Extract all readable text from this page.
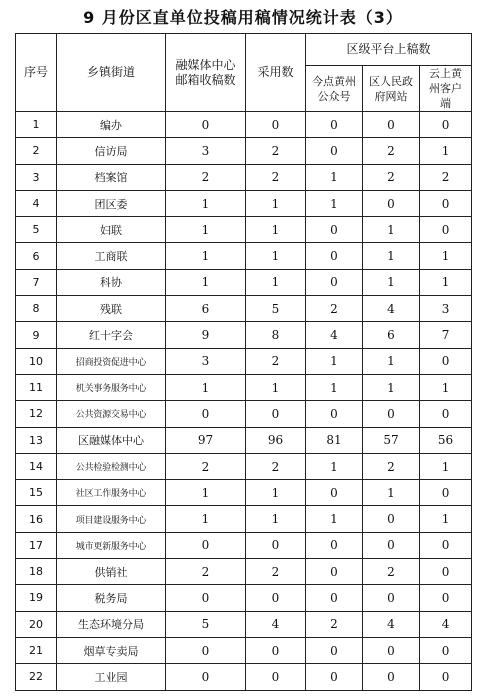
9 月份区直单位投稿用稿情况统计表（3）
序号	乡镇街道	融媒体中心邮箱收稿数	采用数	区级平台上稿数		
				今点黄州公众号	区人民政府网站	云上黄州客户端
1	编办	0	0	0	0	0
2	信访局	3	2	0	2	1
3	档案馆	2	2	1	2	2
4	团区委	1	1	1	0	0
5	妇联	1	1	0	1	0
6	工商联	1	1	0	1	1
7	科协	1	1	0	1	1
8	残联	6	5	2	4	3
9	红十字会	9	8	4	6	7
10	招商投资促进中心	3	2	1	1	0
11	机关事务服务中心	1	1	1	1	1
12	公共资源交易中心	0	0	0	0	0
13	区融媒体中心	97	96	81	57	56
14	公共检验检测中心	2	2	1	2	1
15	社区工作服务中心	1	1	0	1	0
16	项目建设服务中心	1	1	1	0	1
17	城市更新服务中心	0	0	0	0	0
18	供销社	2	2	0	2	0
19	税务局	0	0	0	0	0
20	生态环境分局	5	4	2	4	4
21	烟草专卖局	0	0	0	0	0
22	工业园	0	0	0	0	0
